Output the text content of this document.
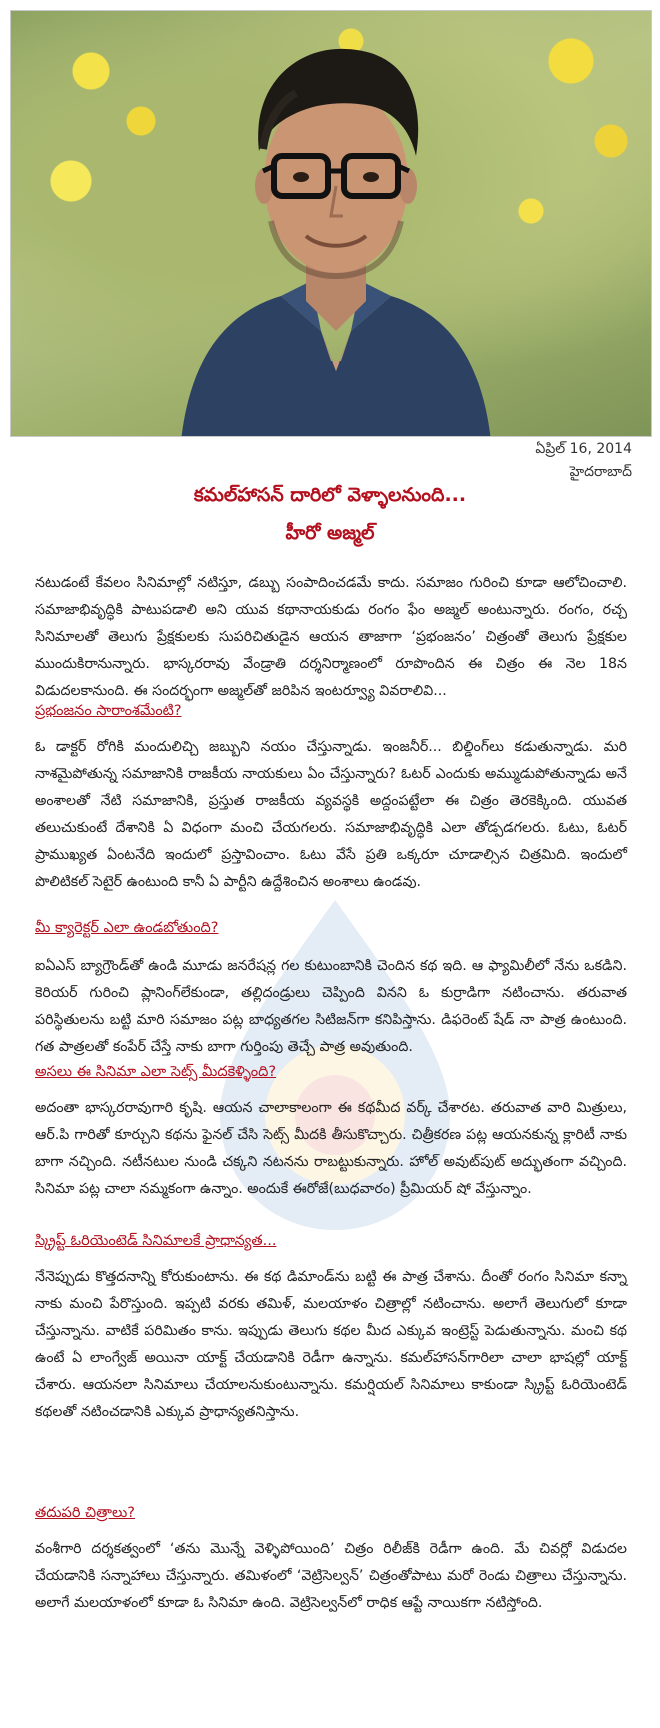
ఏప్రిల్ 16, 2014
హైదరాబాద్
కమల్‌హాసన్ దారిలో వెళ్ళాలనుంది...
హీరో అజ్మల్
నటుడంటే కేవలం సినిమాల్లో నటిస్తూ, డబ్బు సంపాదించడమే కాదు. సమాజం గురించి కూడా ఆలోచించాలి. సమాజాభివృద్ధికి పాటుపడాలి అని యువ కథానాయకుడు రంగం ఫేం అజ్మల్ అంటున్నారు. రంగం, రచ్చ సినిమాలతో తెలుగు ప్రేక్షకులకు సుపరిచితుడైన ఆయన తాజాగా ‘ప్రభంజనం’ చిత్రంతో తెలుగు ప్రేక్షకుల ముందుకిరానున్నారు. భాస్కరరావు వేండ్రాతి దర్శనిర్మాణంలో రూపొందిన ఈ చిత్రం ఈ నెల 18న విడుదలకానుంది. ఈ సందర్భంగా అజ్మల్‌తో జరిపిన ఇంటర్వ్యూ వివరాలివి...
ప్రభంజనం సారాంశమేంటి?
ఓ డాక్టర్ రోగికి మందులిచ్చి జబ్బుని నయం చేస్తున్నాడు. ఇంజనీర్... బిల్డింగ్‌లు కడుతున్నాడు. మరి నాశమైపోతున్న సమాజానికి రాజకీయ నాయకులు ఏం చేస్తున్నారు? ఓటర్ ఎందుకు అమ్ముడుపోతున్నాడు అనే అంశాలతో నేటి సమాజానికి, ప్రస్తుత రాజకీయ వ్యవస్థకి అద్దంపట్టేలా ఈ చిత్రం తెరకెక్కింది. యువత తలుచుకుంటే దేశానికి ఏ విధంగా మంచి చేయగలరు. సమాజాభివృద్ధికి ఎలా తోడ్పడగలరు. ఓటు, ఓటర్ ప్రాముఖ్యత ఏంటనేది ఇందులో ప్రస్తావించాం. ఓటు వేసే ప్రతి ఒక్కరూ చూడాల్సిన చిత్రమిది. ఇందులో పొలిటికల్ సెటైర్ ఉంటుంది కానీ ఏ పార్టీని ఉద్దేశించిన అంశాలు ఉండవు.
మీ క్యారెక్టర్ ఎలా ఉండబోతుంది?
ఐఏఎస్ బ్యాగ్రౌండ్‌తో ఉండి మూడు జనరేషన్ల గల కుటుంబానికి చెందిన కథ ఇది. ఆ ఫ్యామిలీలో నేను ఒకడిని. కెరియర్ గురించి ప్లానింగ్‌లేకుండా, తల్లిదండ్రులు చెప్పింది వినని ఓ కుర్రాడిగా నటించాను. తరువాత పరిస్థితులను బట్టి మారి సమాజం పట్ల బాధ్యతగల సిటిజన్‌గా కనిపిస్తాను. డిఫరెంట్ షేడ్ నా పాత్ర ఉంటుంది. గత పాత్రలతో కంపేర్ చేస్తే నాకు బాగా గుర్తింపు తెచ్చే పాత్ర అవుతుంది.
అసలు ఈ సినిమా ఎలా సెట్స్ మీదకెళ్ళింది?
అదంతా భాస్కరరావుగారి కృషి. ఆయన చాలాకాలంగా ఈ కథమీద వర్క్ చేశారట. తరువాత వారి మిత్రులు, ఆర్.పి గారితో కూర్చుని కథను ఫైనల్ చేసి సెట్స్ మీదకి తీసుకొచ్చారు. చిత్రీకరణ పట్ల ఆయనకున్న క్లారిటీ నాకు బాగా నచ్చింది. నటీనటుల నుండి చక్కని నటనను రాబట్టుకున్నారు. హోల్ అవుట్‌పుట్ అద్భుతంగా వచ్చింది. సినిమా పట్ల చాలా నమ్మకంగా ఉన్నాం. అందుకే ఈరోజే(బుధవారం) ప్రీమియర్ షో వేస్తున్నాం.
స్క్రిప్ట్ ఓరియెంటెడ్ సినిమాలకే ప్రాధాన్యత...
నేనెప్పుడు కొత్తదనాన్ని కోరుకుంటాను. ఈ కథ డిమాండ్‌ను బట్టి ఈ పాత్ర చేశాను. దీంతో రంగం సినిమా కన్నా నాకు మంచి పేరొస్తుంది. ఇప్పటి వరకు తమిళ్, మలయాళం చిత్రాల్లో నటించాను. అలాగే తెలుగులో కూడా చేస్తున్నాను. వాటికే పరిమితం కాను. ఇప్పుడు తెలుగు కథల మీద ఎక్కువ ఇంట్రెస్ట్ పెడుతున్నాను. మంచి కథ ఉంటే ఏ లాంగ్వేజ్ అయినా యాక్ట్ చేయడానికి రెడీగా ఉన్నాను. కమల్‌హాసన్‌గారిలా చాలా భాషల్లో యాక్ట్ చేశారు. ఆయనలా సినిమాలు చేయాలనుకుంటున్నాను. కమర్షియల్ సినిమాలు కాకుండా స్క్రిప్ట్ ఓరియెంటెడ్ కథలతో నటించడానికి ఎక్కువ ప్రాధాన్యతనిస్తాను.
తదుపరి చిత్రాలు?
వంశీగారి దర్శకత్వంలో ‘తను మొన్నే వెళ్ళిపోయింది’ చిత్రం రిలీజ్‌కి రెడీగా ఉంది. మే చివర్లో విడుదల చేయడానికి సన్నాహాలు చేస్తున్నారు. తమిళంలో ‘వెట్రిసెల్వన్’ చిత్రంతోపాటు మరో రెండు చిత్రాలు చేస్తున్నాను. అలాగే మలయాళంలో కూడా ఓ సినిమా ఉంది. వెట్రిసెల్వన్‌లో రాధిక ఆప్టే నాయికగా నటిస్తోంది.
